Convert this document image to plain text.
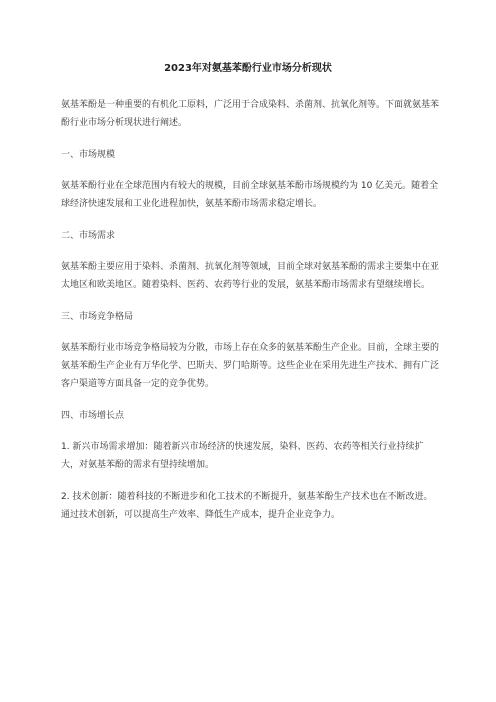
2023年对氨基苯酚行业市场分析现状

氨基苯酚是一种重要的有机化工原料，广泛用于合成染料、杀菌剂、抗氧化剂等。下面就氨基苯酚行业市场分析现状进行阐述。

一、市场规模

氨基苯酚行业在全球范围内有较大的规模，目前全球氨基苯酚市场规模约为 10 亿美元。随着全球经济快速发展和工业化进程加快，氨基苯酚市场需求稳定增长。

二、市场需求

氨基苯酚主要应用于染料、杀菌剂、抗氧化剂等领域，目前全球对氨基苯酚的需求主要集中在亚太地区和欧美地区。随着染料、医药、农药等行业的发展，氨基苯酚市场需求有望继续增长。

三、市场竞争格局

氨基苯酚行业市场竞争格局较为分散，市场上存在众多的氨基苯酚生产企业。目前，全球主要的氨基苯酚生产企业有万华化学、巴斯夫、罗门哈斯等。这些企业在采用先进生产技术、拥有广泛客户渠道等方面具备一定的竞争优势。

四、市场增长点

1. 新兴市场需求增加：随着新兴市场经济的快速发展，染料、医药、农药等相关行业持续扩大，对氨基苯酚的需求有望持续增加。

2. 技术创新：随着科技的不断进步和化工技术的不断提升，氨基苯酚生产技术也在不断改进。通过技术创新，可以提高生产效率、降低生产成本，提升企业竞争力。
